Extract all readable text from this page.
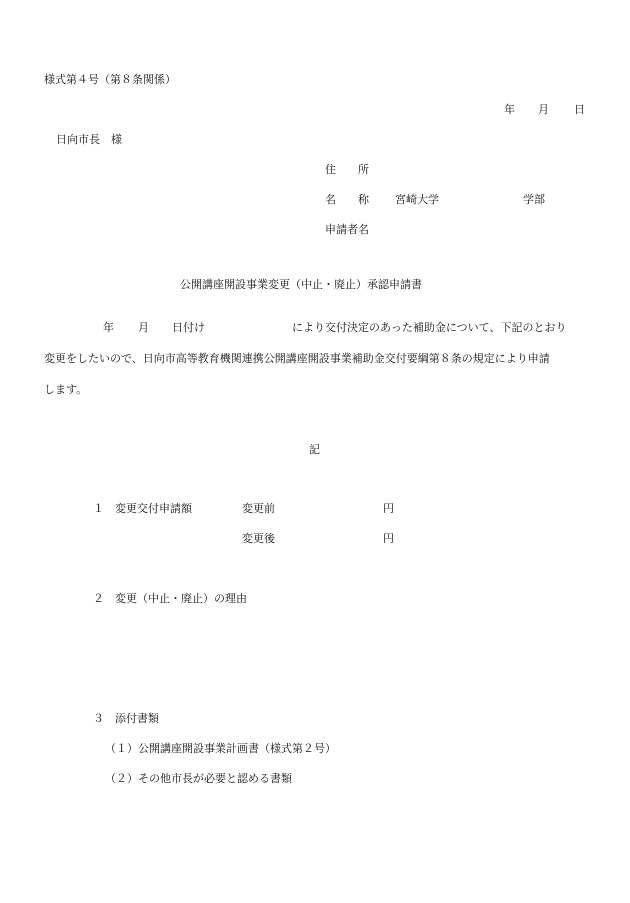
様式第４号（第８条関係）
年 月 日
日向市長　様
住　　所
名　　称 宮崎大学	学部
申請者名
公開講座開設事業変更（中止・廃止）承認申請書
年 月 日付け	により交付決定のあった補助金について、下記のとおり
変更をしたいので、日向市高等教育機関連携公開講座開設事業補助金交付要綱第８条の規定により申請
します。
記
１ 変更交付申請額	変更前	円
変更後	円
２ 変更（中止・廃止）の理由
３ 添付書類
（１）公開講座開設事業計画書（様式第２号）
（２）その他市長が必要と認める書類
